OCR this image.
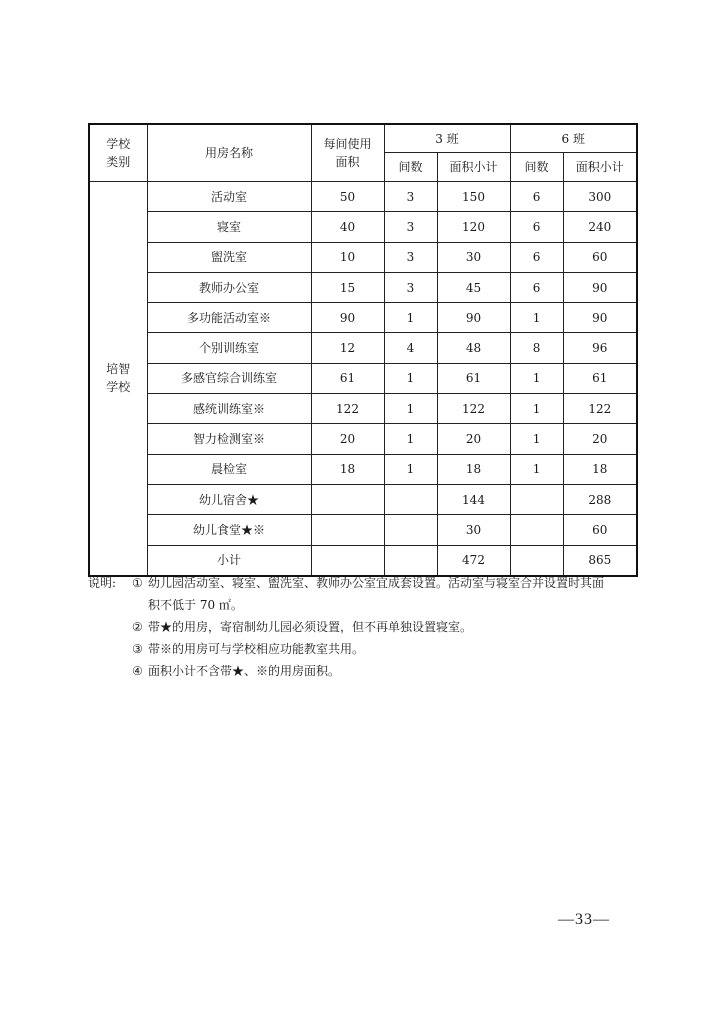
学校
类别	用房名称	每间使用
面积	3 班		6 班	
			间数	面积小计	间数	面积小计

培智
学校	活动室	50	3	150	6	300
	寝室	40	3	120	6	240
	盥洗室	10	3	30	6	60
	教师办公室	15	3	45	6	90
	多功能活动室※	90	1	90	1	90
	个别训练室	12	4	48	8	96
	多感官综合训练室	61	1	61	1	61
	感统训练室※	122	1	122	1	122
	智力检测室※	20	1	20	1	20
	晨检室	18	1	18	1	18
	幼儿宿舍★			144		288
	幼儿食堂★※			30		60
	小计			472		865
说明: ① 幼儿园活动室、寝室、盥洗室、教师办公室宜成套设置。活动室与寝室合并设置时其面
积不低于 70 ㎡。
② 带★的用房，寄宿制幼儿园必须设置，但不再单独设置寝室。
③ 带※的用房可与学校相应功能教室共用。
④ 面积小计不含带★、※的用房面积。
—33—
